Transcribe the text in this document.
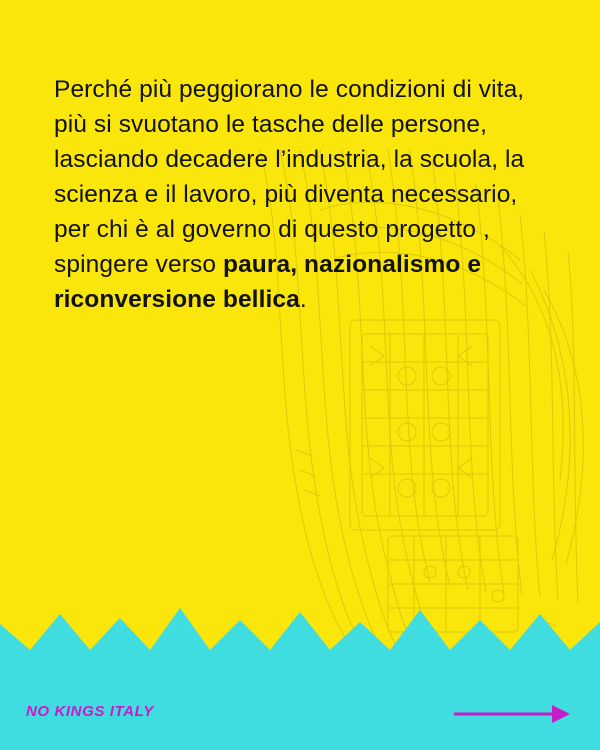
Perché più peggiorano le condizioni di vita, più si svuotano le tasche delle persone, lasciando decadere l’industria, la scuola, la scienza e il lavoro, più diventa necessario, per chi è al governo di questo progetto , spingere verso paura, nazionalismo e riconversione bellica.
NO KINGS ITALY
